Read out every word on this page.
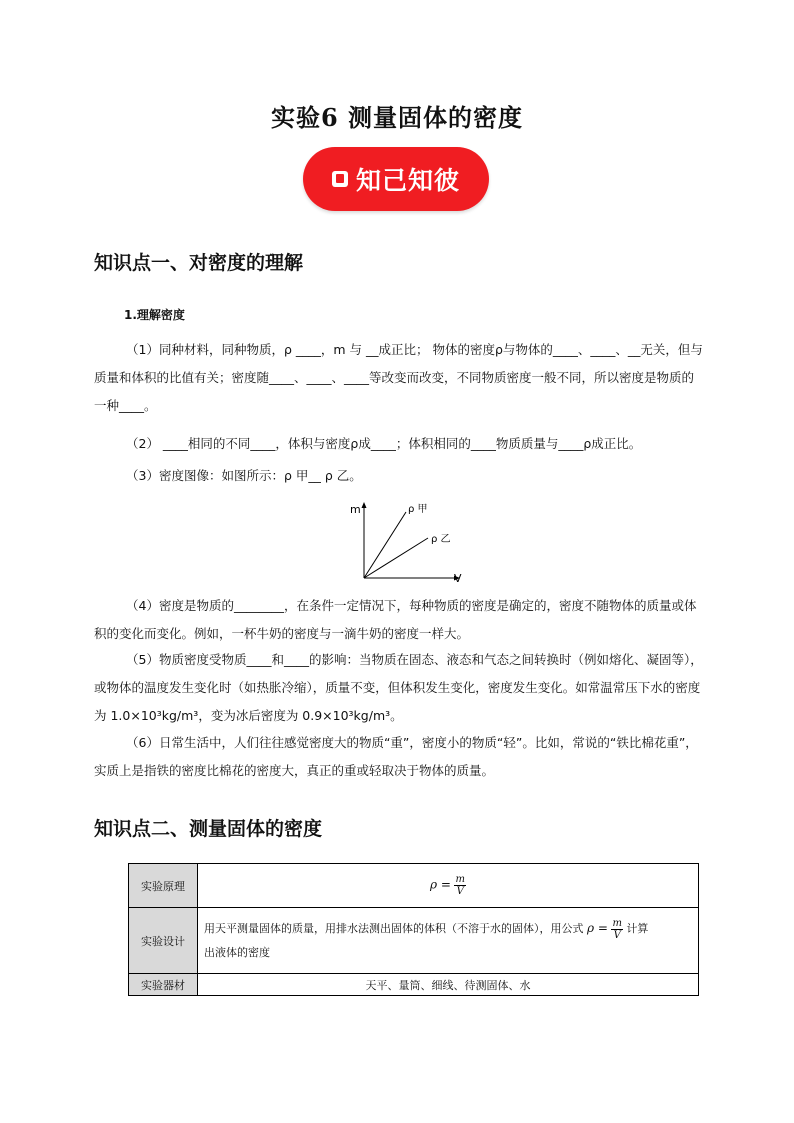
实验6 测量固体的密度
知己知彼
知识点一、对密度的理解
1.理解密度
（1）同种材料，同种物质，ρ ____，m 与 __成正比； 物体的密度ρ与物体的____、____、__无关，但与质量和体积的比值有关；密度随____、____、____等改变而改变，不同物质密度一般不同，所以密度是物质的一种____。
（2） ____相同的不同____，体积与密度ρ成____；体积相同的____物质质量与____ρ成正比。
（3）密度图像：如图所示：ρ 甲__ ρ 乙。
m
V
ρ 甲
ρ 乙
（4）密度是物质的________，在条件一定情况下，每种物质的密度是确定的，密度不随物体的质量或体积的变化而变化。例如，一杯牛奶的密度与一滴牛奶的密度一样大。
（5）物质密度受物质____和____的影响：当物质在固态、液态和气态之间转换时（例如熔化、凝固等），或物体的温度发生变化时（如热胀冷缩），质量不变，但体积发生变化，密度发生变化。如常温常压下水的密度为 1.0×10³kg/m³，变为冰后密度为 0.9×10³kg/m³。
（6）日常生活中，人们往往感觉密度大的物质“重”，密度小的物质“轻”。比如，常说的“铁比棉花重”，实质上是指铁的密度比棉花的密度大，真正的重或轻取决于物体的质量。
知识点二、测量固体的密度
实验原理	$\rho = \frac{m}{V}$

实验设计	用天平测量固体的质量，用排水法测出固体的体积（不溶于水的固体），用公式 $\rho = \frac{m}{V}$ 计算
出液体的密度
实验器材	天平、量筒、细线、待测固体、水
